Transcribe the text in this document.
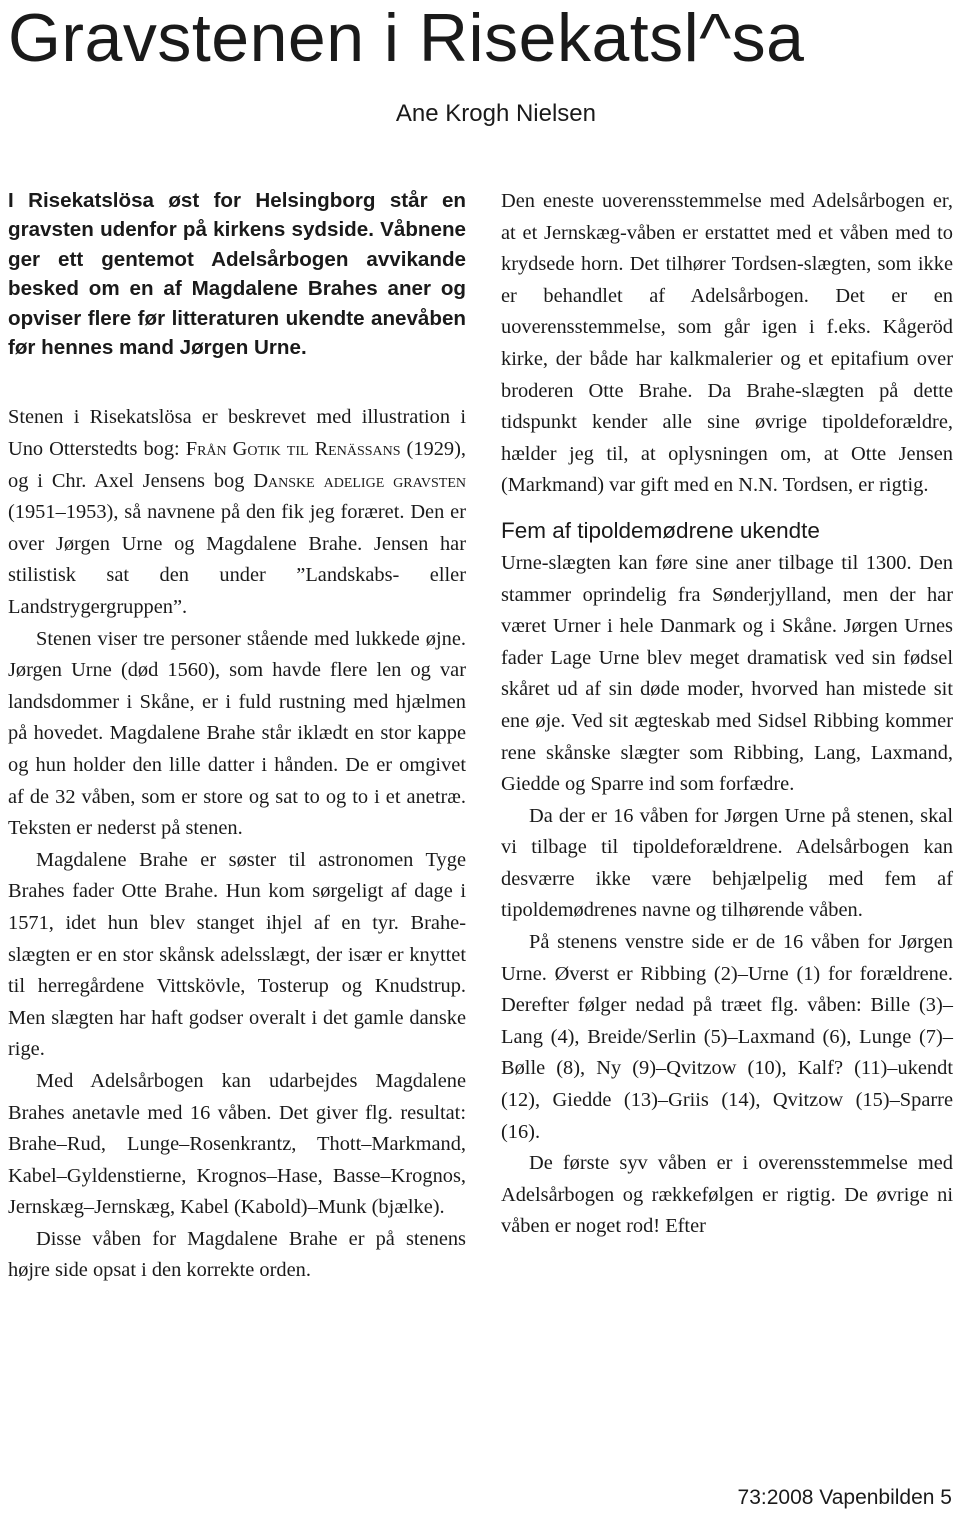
Gravstenen i Risekatsl^sa
Ane Krogh Nielsen

I Risekatslösa øst for Helsingborg står en gravsten udenfor på kirkens sydside. Våbnene ger ett gentemot Adelsårbogen avvikande besked om en af Magdalene Brahes aner og opviser flere før litteraturen ukendte anevåben før hennes mand Jørgen Urne.

Stenen i Risekatslösa er beskrevet med illustration i Uno Otterstedts bog: Från Gotik til Renässans (1929), og i Chr. Axel Jensens bog Danske adelige gravsten (1951–1953), så navnene på den fik jeg foræret. Den er over Jørgen Urne og Magdalene Brahe. Jensen har stilistisk sat den under ”Landskabs- eller Landstrygergruppen”.

Stenen viser tre personer stående med lukkede øjne. Jørgen Urne (død 1560), som havde flere len og var landsdommer i Skåne, er i fuld rustning med hjælmen på hovedet. Magdalene Brahe står iklædt en stor kappe og hun holder den lille datter i hånden. De er omgivet af de 32 våben, som er store og sat to og to i et anetræ. Teksten er nederst på stenen.

Magdalene Brahe er søster til astronomen Tyge Brahes fader Otte Brahe. Hun kom sørgeligt af dage i 1571, idet hun blev stanget ihjel af en tyr. Brahe-slægten er en stor skånsk adelsslægt, der især er knyttet til herregårdene Vittskövle, Tosterup og Knudstrup. Men slægten har haft godser overalt i det gamle danske rige.

Med Adelsårbogen kan udarbejdes Magdalene Brahes anetavle med 16 våben. Det giver flg. resultat: Brahe–Rud, Lunge–Rosenkrantz, Thott–Markmand, Kabel–Gyldenstierne, Krognos–Hase, Basse–Krognos, Jernskæg–Jernskæg, Kabel (Kabold)–Munk (bjælke).

Disse våben for Magdalene Brahe er på stenens højre side opsat i den korrekte orden.

Den eneste uoverensstemmelse med Adelsårbogen er, at et Jernskæg-våben er erstattet med et våben med to krydsede horn. Det tilhører Tordsen-slægten, som ikke er behandlet af Adelsårbogen. Det er en uoverensstemmelse, som går igen i f.eks. Kågeröd kirke, der både har kalkmalerier og et epitafium over broderen Otte Brahe. Da Brahe-slægten på dette tidspunkt kender alle sine øvrige tipoldeforældre, hælder jeg til, at oplysningen om, at Otte Jensen (Markmand) var gift med en N.N. Tordsen, er rigtig.

Fem af tipoldemødrene ukendte

Urne-slægten kan føre sine aner tilbage til 1300. Den stammer oprindelig fra Sønderjylland, men der har været Urner i hele Danmark og i Skåne. Jørgen Urnes fader Lage Urne blev meget dramatisk ved sin fødsel skåret ud af sin døde moder, hvorved han mistede sit ene øje. Ved sit ægteskab med Sidsel Ribbing kommer rene skånske slægter som Ribbing, Lang, Laxmand, Giedde og Sparre ind som forfædre.

Da der er 16 våben for Jørgen Urne på stenen, skal vi tilbage til tipoldeforældrene. Adelsårbogen kan desværre ikke være behjælpelig med fem af tipoldemødrenes navne og tilhørende våben.

På stenens venstre side er de 16 våben for Jørgen Urne. Øverst er Ribbing (2)–Urne (1) for forældrene. Derefter følger nedad på træet flg. våben: Bille (3)–Lang (4), Breide/Serlin (5)–Laxmand (6), Lunge (7)–Bølle (8), Ny (9)–Qvitzow (10), Kalf? (11)–ukendt (12), Giedde (13)–Griis (14), Qvitzow (15)–Sparre (16).

De første syv våben er i overensstemmelse med Adelsårbogen og rækkefølgen er rigtig. De øvrige ni våben er noget rod! Efter

73:2008 Vapenbilden 5
